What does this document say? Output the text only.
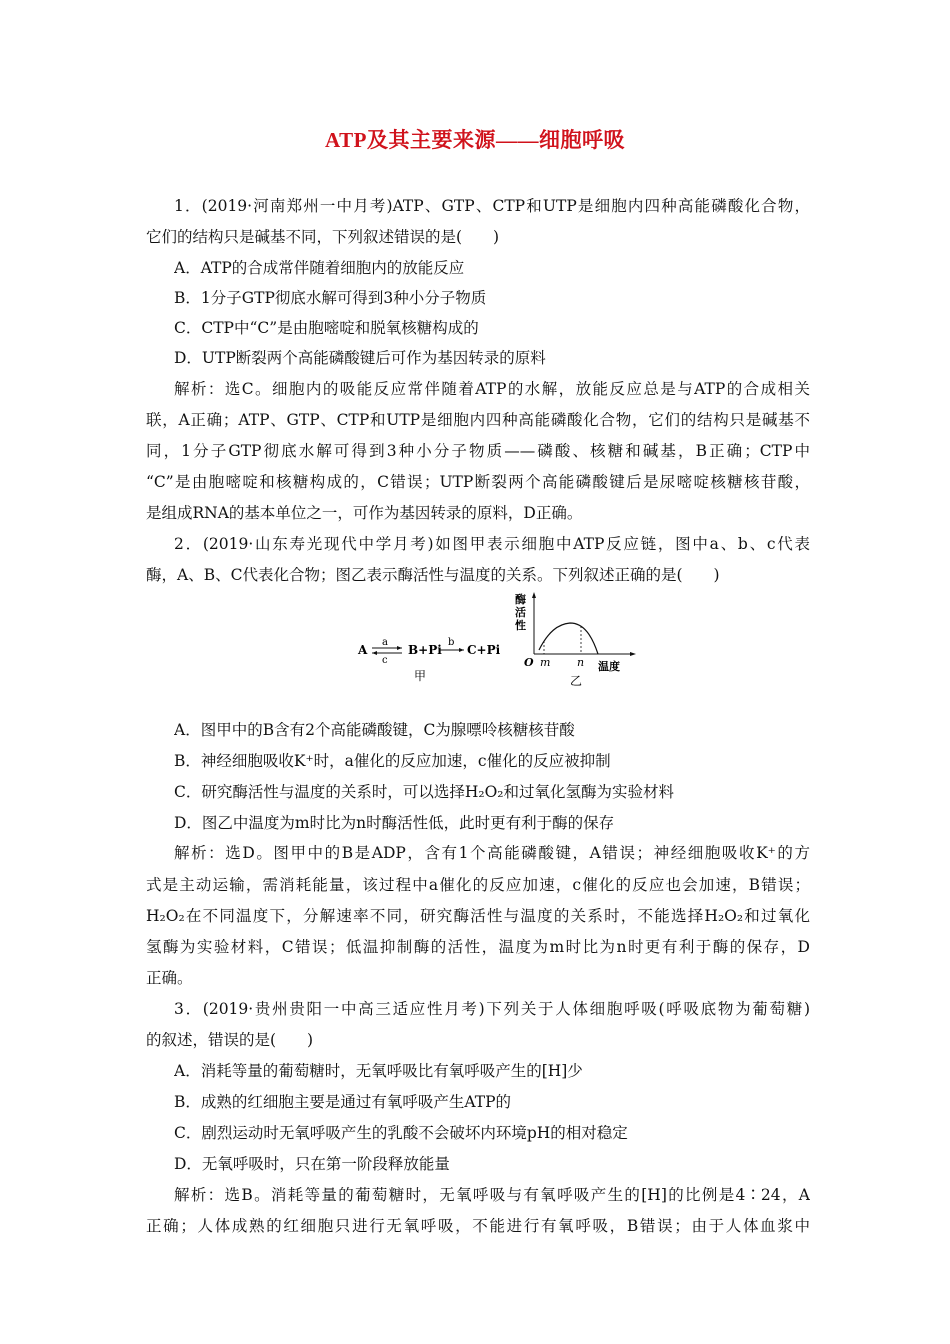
ATP及其主要来源——细胞呼吸
1．(2019·河南郑州一中月考)ATP、GTP、CTP和UTP是细胞内四种高能磷酸化合物，
它们的结构只是碱基不同，下列叙述错误的是(　　)
A．ATP的合成常伴随着细胞内的放能反应
B．1分子GTP彻底水解可得到3种小分子物质
C．CTP中“C”是由胞嘧啶和脱氧核糖构成的
D．UTP断裂两个高能磷酸键后可作为基因转录的原料
解析：选C。细胞内的吸能反应常伴随着ATP的水解，放能反应总是与ATP的合成相关
联，A正确；ATP、GTP、CTP和UTP是细胞内四种高能磷酸化合物，它们的结构只是碱基不
同，1分子GTP彻底水解可得到3种小分子物质——磷酸、核糖和碱基，B正确；CTP中
“C”是由胞嘧啶和核糖构成的，C错误；UTP断裂两个高能磷酸键后是尿嘧啶核糖核苷酸，
是组成RNA的基本单位之一，可作为基因转录的原料，D正确。
2．(2019·山东寿光现代中学月考)如图甲表示细胞中ATP反应链，图中a、b、c代表
酶，A、B、C代表化合物；图乙表示酶活性与温度的关系。下列叙述正确的是(　　)
A
a
c
B+Pi
b
C+Pi
甲
酶
活
性
O m n 温度
乙
A．图甲中的B含有2个高能磷酸键，C为腺嘌呤核糖核苷酸
B．神经细胞吸收K⁺时，a催化的反应加速，c催化的反应被抑制
C．研究酶活性与温度的关系时，可以选择H₂O₂和过氧化氢酶为实验材料
D．图乙中温度为m时比为n时酶活性低，此时更有利于酶的保存
解析：选D。图甲中的B是ADP，含有1个高能磷酸键，A错误；神经细胞吸收K⁺的方
式是主动运输，需消耗能量，该过程中a催化的反应加速，c催化的反应也会加速，B错误；
H₂O₂在不同温度下，分解速率不同，研究酶活性与温度的关系时，不能选择H₂O₂和过氧化
氢酶为实验材料，C错误；低温抑制酶的活性，温度为m时比为n时更有利于酶的保存，D
正确。
3．(2019·贵州贵阳一中高三适应性月考)下列关于人体细胞呼吸(呼吸底物为葡萄糖)
的叙述，错误的是(　　)
A．消耗等量的葡萄糖时，无氧呼吸比有氧呼吸产生的[H]少
B．成熟的红细胞主要是通过有氧呼吸产生ATP的
C．剧烈运动时无氧呼吸产生的乳酸不会破坏内环境pH的相对稳定
D．无氧呼吸时，只在第一阶段释放能量
解析：选B。消耗等量的葡萄糖时，无氧呼吸与有氧呼吸产生的[H]的比例是4∶24，A
正确；人体成熟的红细胞只进行无氧呼吸，不能进行有氧呼吸，B错误；由于人体血浆中
